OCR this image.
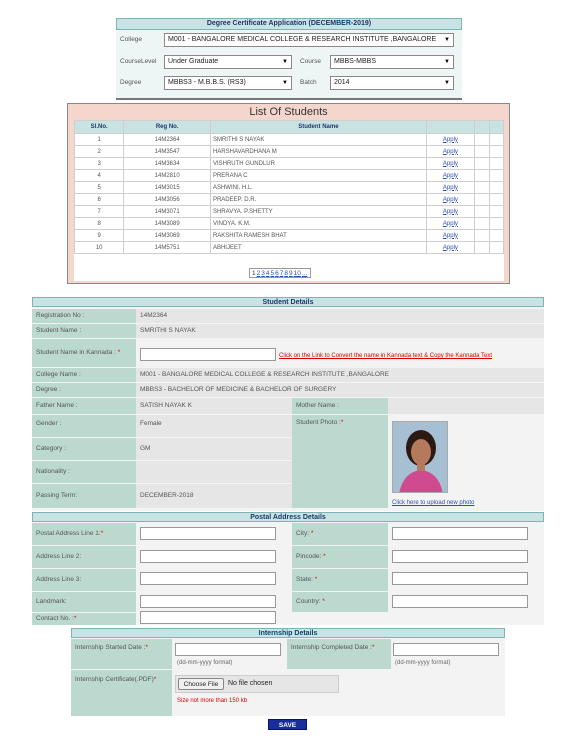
Degree Certificate Application (DECEMBER-2019)
College	M001 - BANGALORE MEDICAL COLLEGE & RESEARCH INSTITUTE ,BANGALORE ▼
CourseLevel	Under Graduate	▼ Course	MBBS-MBBS	▼
Degree	MBBS3 - M.B.B.S. (RS3)	▼ Batch	2014	▼
List Of Students
Sl.No.	Reg No.	Student Name			
1	14M2364	SMRITHI S NAYAK	Apply		
2	14M3547	HARSHAVARDHANA M	Apply		
3	14M3634	VISHRUTH GUNDLUR	Apply		
4	14M2810	PRERANA C	Apply		
5	14M3015	ASHWINI. H.L.	Apply		
6	14M3056	PRADEEP. D.R.	Apply		
7	14M3071	SHRAVYA. P.SHETTY	Apply		
8	14M3089	VINDYA. K.M.	Apply		
9	14M3069	RAKSHITA RAMESH BHAT	Apply		
10	14M5751	ABHIJEET	Apply		
12345678910...
Student Details
Registration No :	14M2364
Student Name :	SMRITHI S NAYAK
Student Name in Kannada : *	Click on the Link to Convert the name in Kannada text & Copy the Kannada Text
College Name :	M001 - BANGALORE MEDICAL COLLEGE & RESEARCH INSTITUTE ,BANGALORE
Degree :	MBBS3 - BACHELOR OF MEDICINE & BACHELOR OF SURGERY
Father Name :	SATISH NAYAK K	Mother Name :
Gender :	Female
Category :	GM
Nationality :
Passing Term:	DECEMBER-2018
Student Photo :*
Click here to upload new photo
Postal Address Details
Postal Address Line 1:*	City: *
Address Line 2:	Pincode: *
Address Line 3:	State: *
Landmark:	Country: *
Contact No. :*
Internship Details
Internship Started Date :*
(dd-mm-yyyy format)
Internship Completed Date :*
(dd-mm-yyyy format)
Internship Certificate(.PDF)*
Choose File	No file chosen
Size not more than 150 kb
SAVE
